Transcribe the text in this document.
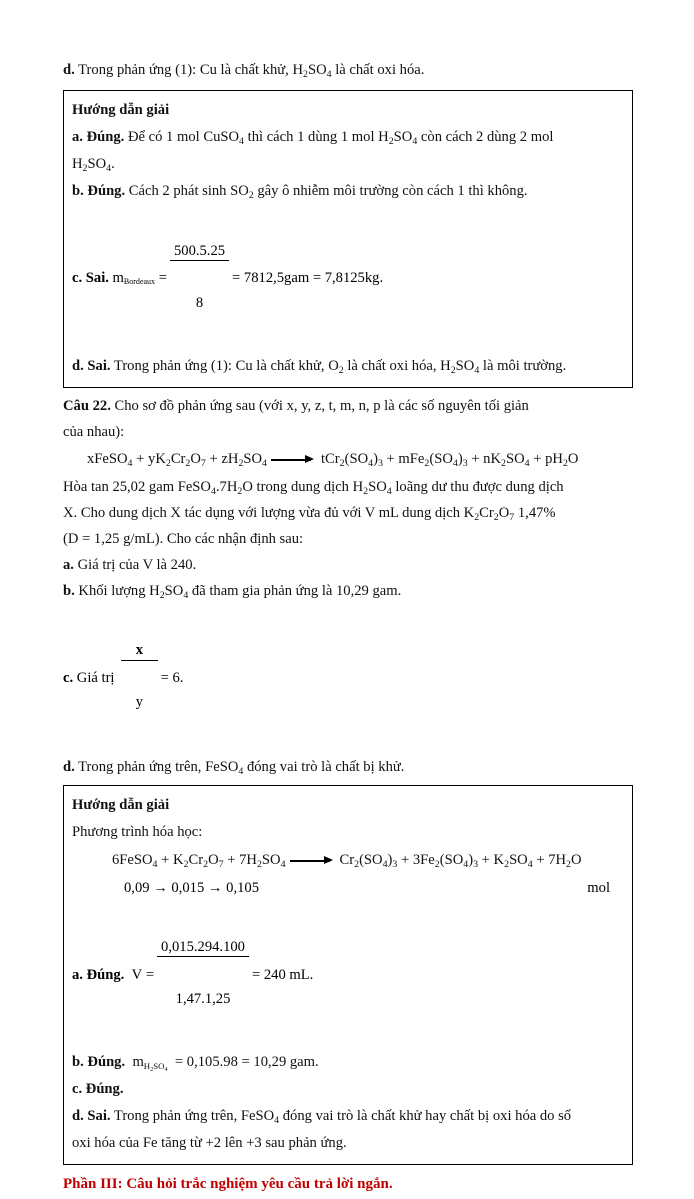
d. Trong phản ứng (1): Cu là chất khử, $H_2SO_4$ là chất oxi hóa.
Hướng dẫn giải
a. Đúng. Để có 1 mol CuSO$_4$ thì cách 1 dùng 1 mol $H_2SO_4$ còn cách 2 dùng 2 mol
$H_2SO_4$.
b. Đúng. Cách 2 phát $\sinh SO_2$ gây ô nhiễm môi trường còn cách 1 thì không.
c. Sai.
$m_{Bordeaux}$
=

$\frac{500.5.25}{8}$

= 7812,5gam = 7,8125kg.
d. Sai. Trong phản ứng (1): Cu là chất khử, $O_2$ là chất oxi hóa, $H_2SO_4$ là môi trường.
Câu 22. Cho sơ đồ phản ứng sau (với x, y, z, t, m, n, p là các số nguyên tối giản
của nhau):
xFeSO$_4$ + $yK_2Cr_2O_7 + zH_2SO_4$	$tCr_2(SO_4)_3 + mFe_2(SO_4)_3 + nK_2SO_4 + pH_2O$
Hòa tan 25,02 gam $FeSO_4.7H_2O$ trong dung dịch $H_2SO_4$ loãng dư thu được dung dịch
X. Cho dung dịch X tác dụng với lượng vừa đủ với V mL dung dịch $K_2Cr_2O_7$ 1,47%
(D = 1,25 g/mL). Cho các nhận định sau:
a. Giá trị của V là 240.
b. Khối lượng $H_2SO_4$ đã tham gia phản ứng là 10,29 gam.
c. Giá trị

$\frac{x}{y}$

= 6.
d. Trong phản ứng trên, FeSO$_4$ đóng vai trò là chất bị khử.
Hướng dẫn giải
Phương trình hóa học:
6FeSO$_4$ + $K_2Cr_2O_7 + 7H_2SO_4$	$Cr_2(SO_4)_3 + 3Fe_2(SO_4)_3 + K_2SO_4 + 7H_2O$
0,09 → 0,015 → 0,105	mol
a. Đúng.
V
=

$\frac{0,015.294.100}{1,47.1,25}$

= 240 mL.
b. Đúng. $m_{H_2SO_4} = 0,105.98 = 10,29$ gam.
c. Đúng.
d. Sai. Trong phản ứng trên, FeSO$_4$ đóng vai trò là chất khử hay chất bị oxi hóa do số
oxi hóa của Fe tăng từ +2 lên +3 sau phản ứng.
Phần III: Câu hỏi trắc nghiệm yêu cầu trả lời ngắn.
